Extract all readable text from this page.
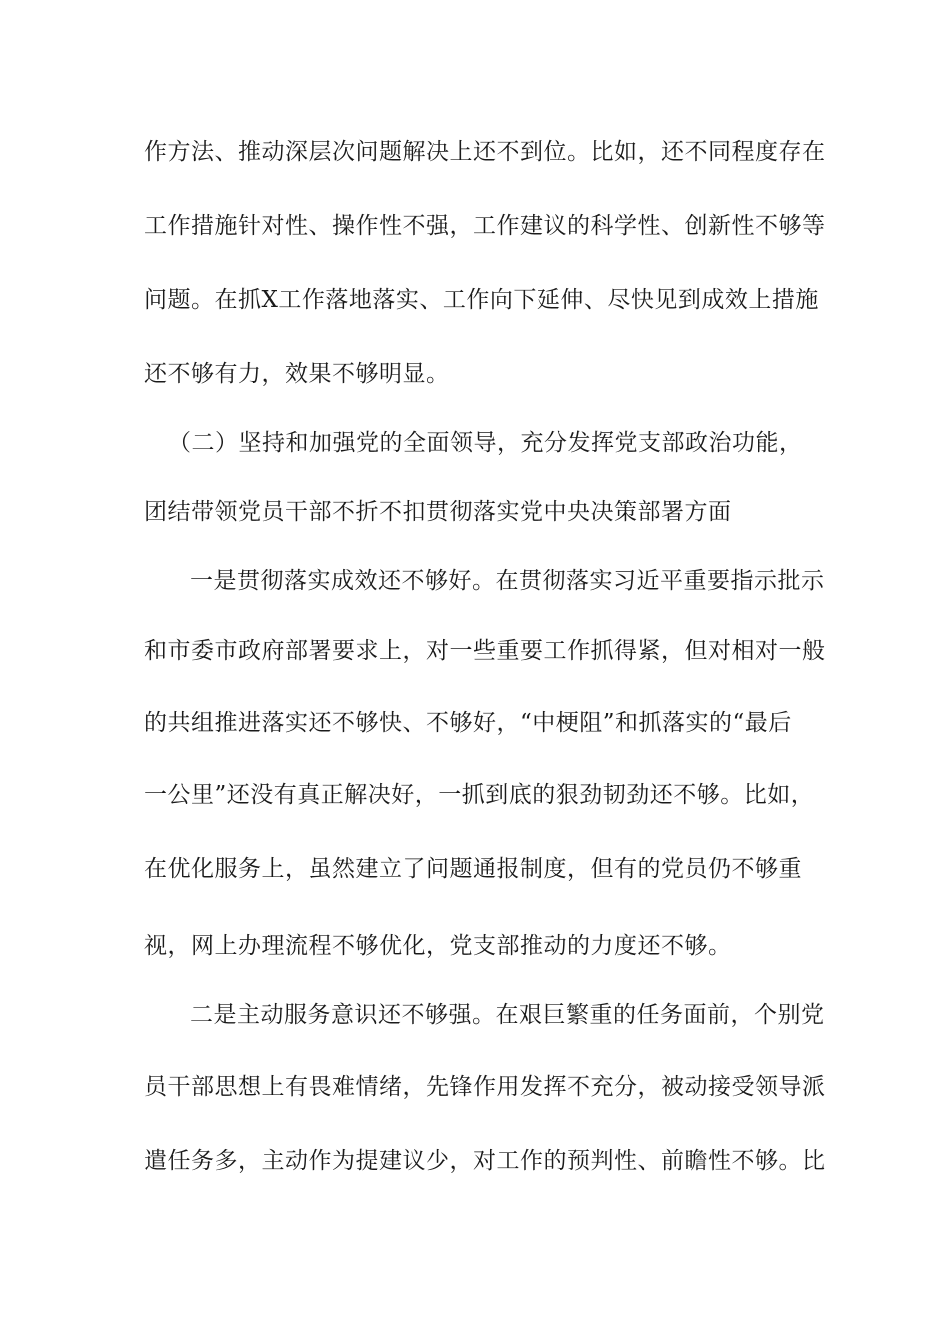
作方法、推动深层次问题解决上还不到位。比如，还不同程度存在
工作措施针对性、操作性不强，工作建议的科学性、创新性不够等
问题。在抓X工作落地落实、工作向下延伸、尽快见到成效上措施
还不够有力，效果不够明显。
（二）坚持和加强党的全面领导，充分发挥党支部政治功能，
团结带领党员干部不折不扣贯彻落实党中央决策部署方面
一是贯彻落实成效还不够好。在贯彻落实习近平重要指示批示
和市委市政府部署要求上，对一些重要工作抓得紧，但对相对一般
的共组推进落实还不够快、不够好，“中梗阻”和抓落实的“最后
一公里”还没有真正解决好，一抓到底的狠劲韧劲还不够。比如，
在优化服务上，虽然建立了问题通报制度，但有的党员仍不够重
视，网上办理流程不够优化，党支部推动的力度还不够。
二是主动服务意识还不够强。在艰巨繁重的任务面前，个别党
员干部思想上有畏难情绪，先锋作用发挥不充分，被动接受领导派
遣任务多，主动作为提建议少，对工作的预判性、前瞻性不够。比
